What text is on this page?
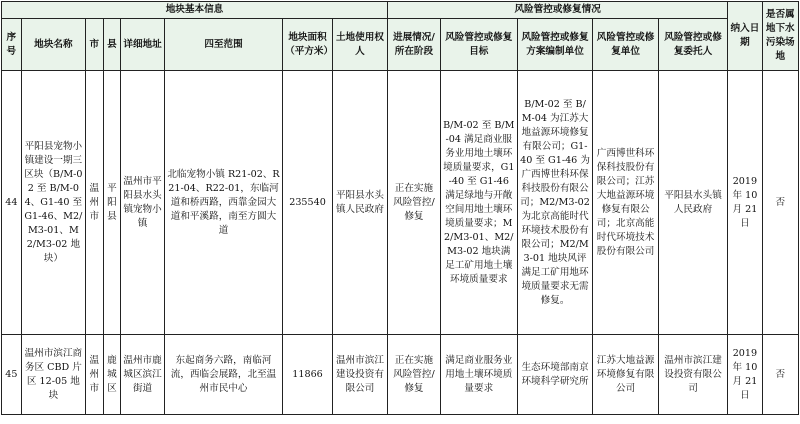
地块基本信息								风险管控或修复情况					纳入日期	是否属地下水污染场地
序号	地块名称	市	县	详细地址	四至范围	地块面积（平方米）	土地使用权人	进展情况/所在阶段	风险管控或修复目标	风险管控或修复方案编制单位	风险管控或修复单位	风险管控或修复委托人		
44	平阳县宠物小镇建设一期三区块（B/M-02 至 B/M-04、G1-40 至 G1-46、M2/M3-01、M2/M3-02 地块）	温州市	平阳县	温州市平阳县水头镇宠物小镇	北临宠物小镇 R21-02、R21-04、R22-01，东临河道和桥西路，西靠金园大道和平溪路，南至方圆大道	235540	平阳县水头镇人民政府	正在实施风险管控/修复	B/M-02 至 B/M-04 满足商业服务业用地土壤环境质量要求，G1-40 至 G1-46 满足绿地与开敞空间用地土壤环境质量要求；M2/M3-01、M2/M3-02 地块满足工矿用地土壤环境质量要求	B/M-02 至 B/M-04 为江苏大地益源环境修复有限公司；G1-40 至 G1-46 为广西博世科环保科技股份有限公司；M2/M3-02 为北京高能时代环境技术股份有限公司；M2/M3-01 地块风评满足工矿用地环境质量要求无需修复。	广西博世科环保科技股份有限公司；江苏大地益源环境修复有限公司；北京高能时代环境技术股份有限公司	平阳县水头镇人民政府	2019 年 10 月 21 日	否
45	温州市滨江商务区 CBD 片区 12-05 地块	温州市	鹿城区	温州市鹿城区滨江街道	东起商务六路，南临河流，西临会展路，北至温州市民中心	11866	温州市滨江建设投资有限公司	正在实施风险管控/修复	满足商业服务业用地土壤环境质量要求	生态环境部南京环境科学研究所	江苏大地益源环境修复有限公司	温州市滨江建设投资有限公司	2019 年 10 月 21 日	否
